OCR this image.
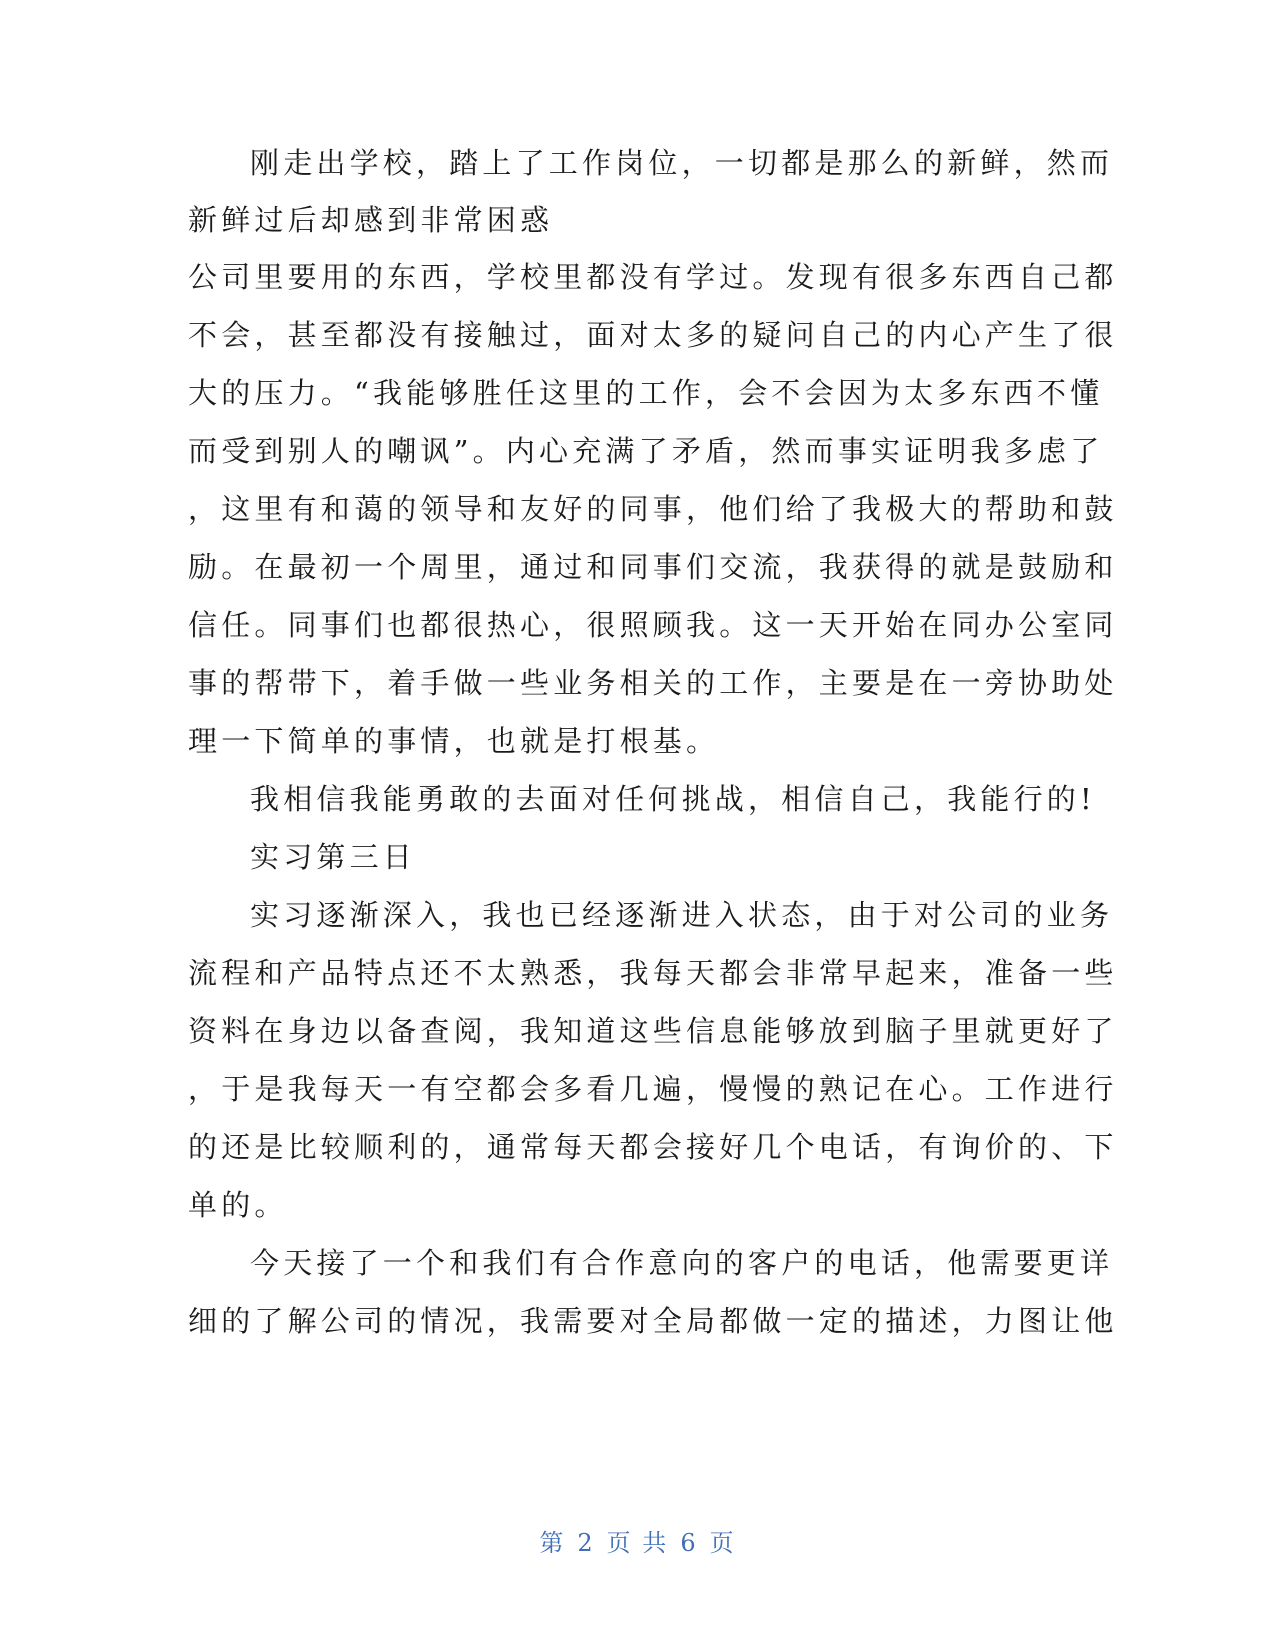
刚走出学校，踏上了工作岗位，一切都是那么的新鲜，然而
新鲜过后却感到非常困惑
公司里要用的东西，学校里都没有学过。发现有很多东西自己都
不会，甚至都没有接触过，面对太多的疑问自己的内心产生了很
大的压力。“我能够胜任这里的工作，会不会因为太多东西不懂
而受到别人的嘲讽”。内心充满了矛盾，然而事实证明我多虑了
，这里有和蔼的领导和友好的同事，他们给了我极大的帮助和鼓
励。在最初一个周里，通过和同事们交流，我获得的就是鼓励和
信任。同事们也都很热心，很照顾我。这一天开始在同办公室同
事的帮带下，着手做一些业务相关的工作，主要是在一旁协助处
理一下简单的事情，也就是打根基。
我相信我能勇敢的去面对任何挑战，相信自己，我能行的!
实习第三日
实习逐渐深入，我也已经逐渐进入状态，由于对公司的业务
流程和产品特点还不太熟悉，我每天都会非常早起来，准备一些
资料在身边以备查阅，我知道这些信息能够放到脑子里就更好了
，于是我每天一有空都会多看几遍，慢慢的熟记在心。工作进行
的还是比较顺利的，通常每天都会接好几个电话，有询价的、下
单的。
今天接了一个和我们有合作意向的客户的电话，他需要更详
细的了解公司的情况，我需要对全局都做一定的描述，力图让他
第 2 页 共 6 页
